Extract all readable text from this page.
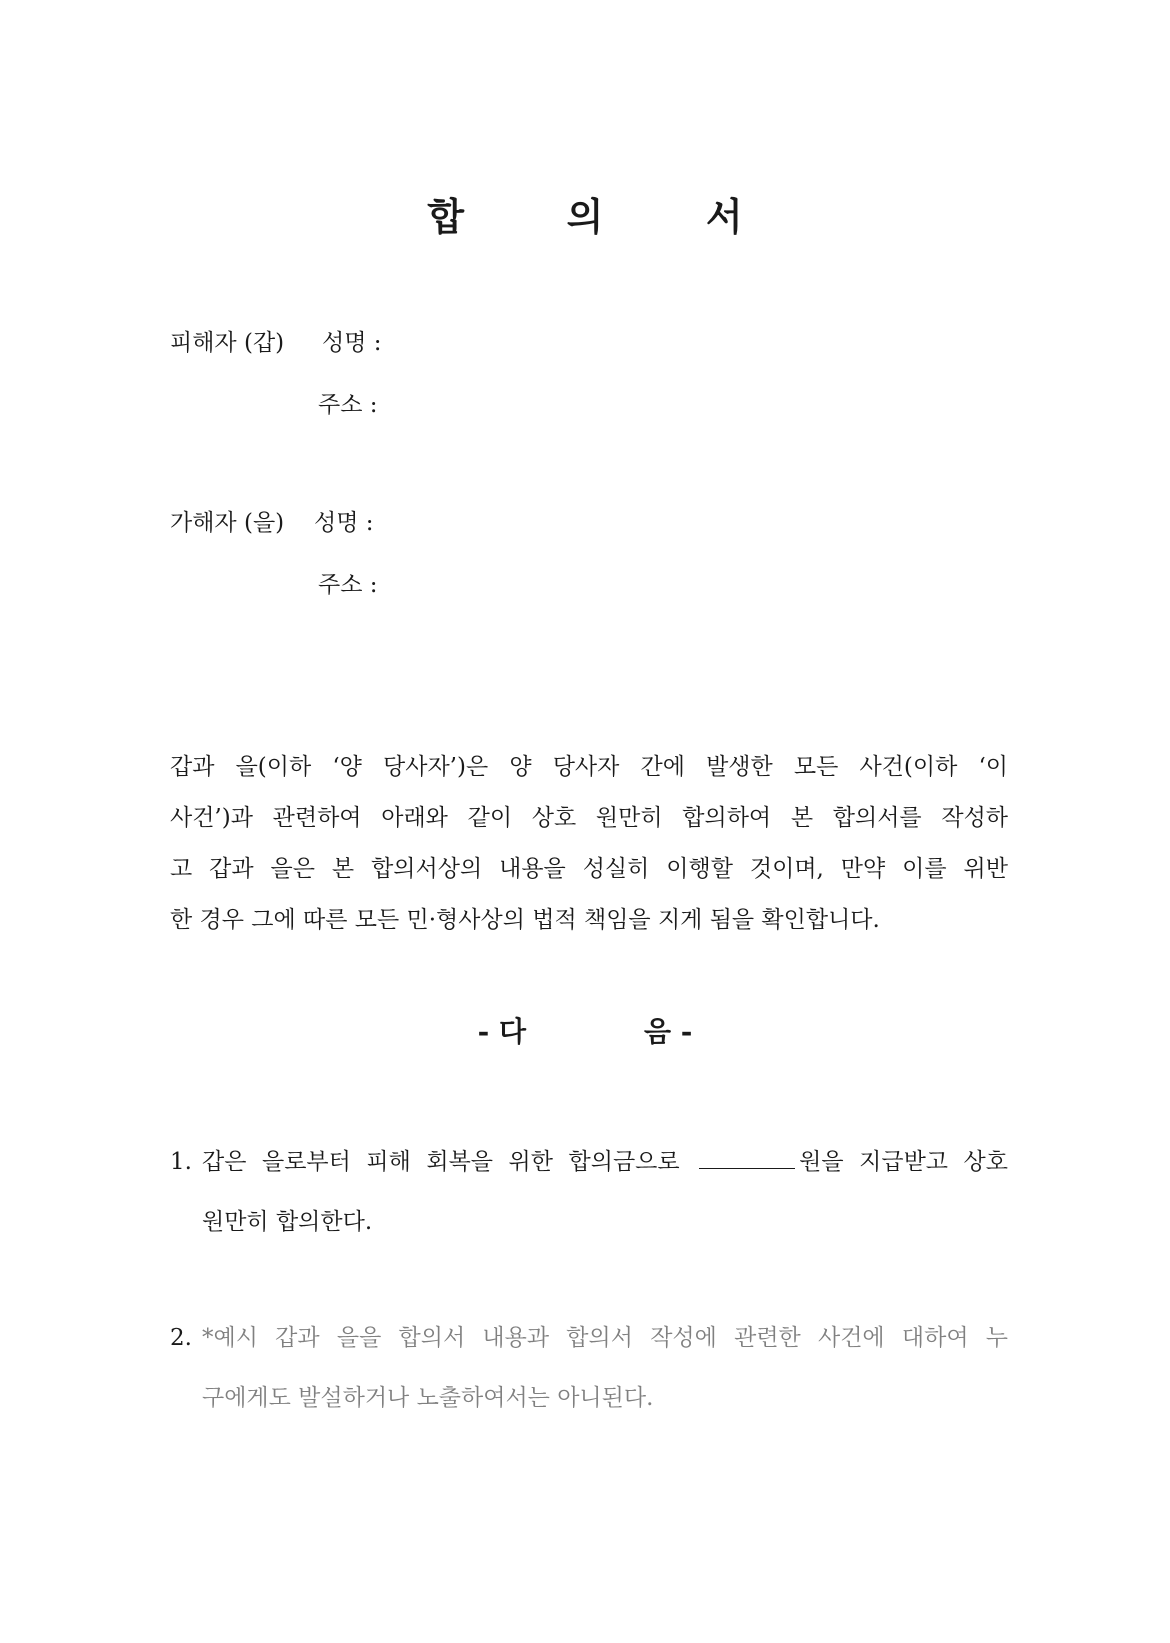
합	의	서
피해자 (갑) 성명 :
주소 :
가해자 (을) 성명 :
주소 :

갑과 을(이하 ‘양 당사자’)은 양 당사자 간에 발생한 모든 사건(이하 ‘이

사건’)과 관련하여 아래와 같이 상호 원만히 합의하여 본 합의서를 작성하

고 갑과 을은 본 합의서상의 내용을 성실히 이행할 것이며, 만약 이를 위반

한 경우 그에 따른 모든 민·형사상의 법적 책임을 지게 됨을 확인합니다.

- 다	음 -
1. 갑은 을로부터 피해 회복을 위한 합의금으로	원을 지급받고 상호
원만히 합의한다.
2. *예시 갑과 을을 합의서 내용과 합의서 작성에 관련한 사건에 대하여 누
구에게도 발설하거나 노출하여서는 아니된다.
